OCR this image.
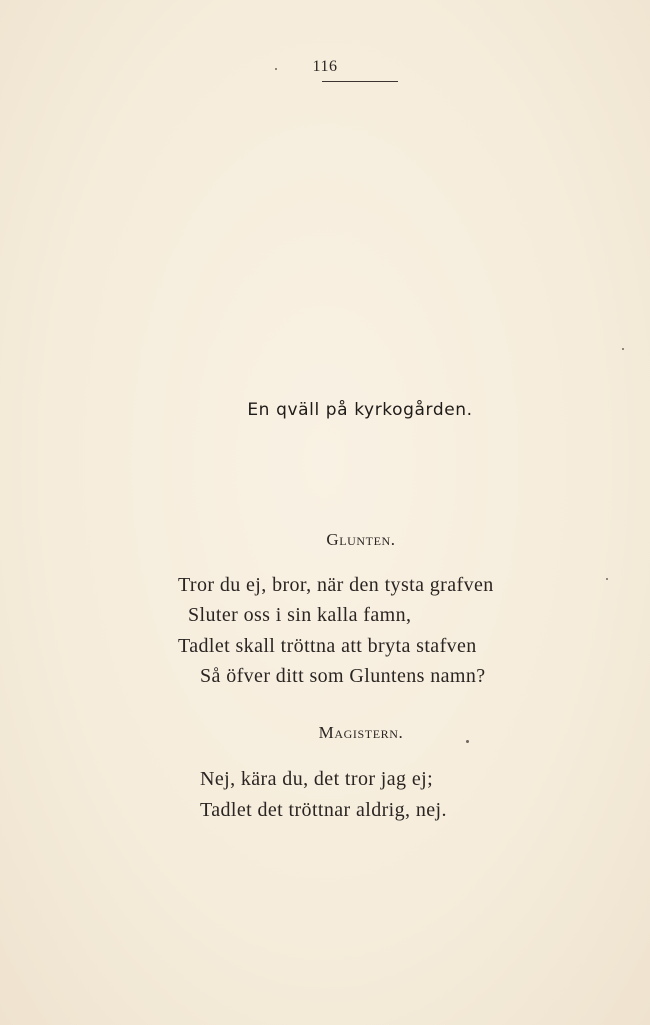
116
En qväll på kyrkogården.
Glunten.
Tror du ej, bror, när den tysta grafven
Sluter oss i sin kalla famn,
Tadlet skall tröttna att bryta stafven
Så öfver ditt som Gluntens namn?
Magistern.
Nej, kära du, det tror jag ej;
Tadlet det tröttnar aldrig, nej.
